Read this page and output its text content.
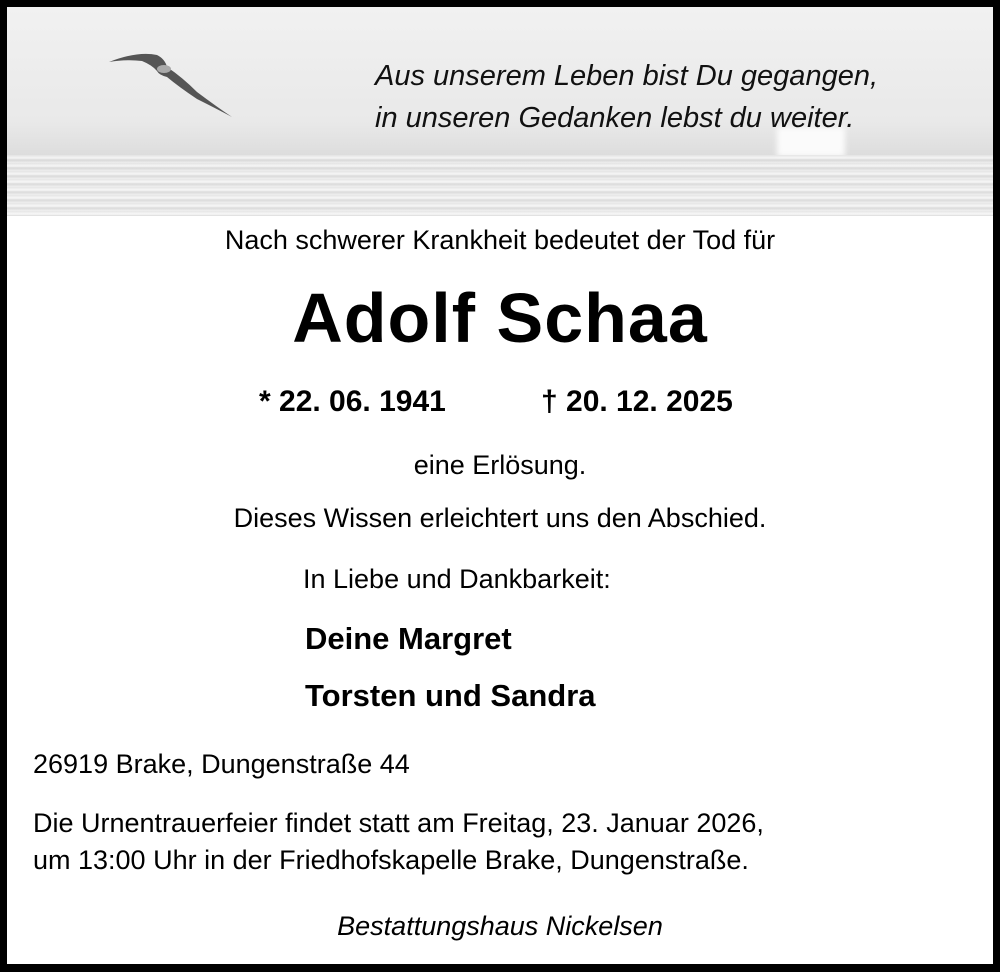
Aus unserem Leben bist Du gegangen,
in unseren Gedanken lebst du weiter.
Nach schwerer Krankheit bedeutet der Tod für
Adolf Schaa
* 22. 06. 1941	† 20. 12. 2025
eine Erlösung.
Dieses Wissen erleichtert uns den Abschied.
In Liebe und Dankbarkeit:
Deine Margret
Torsten und Sandra
26919 Brake, Dungenstraße 44
Die Urnentrauerfeier findet statt am Freitag, 23. Januar 2026,
um 13:00 Uhr in der Friedhofskapelle Brake, Dungenstraße.
Bestattungshaus Nickelsen
